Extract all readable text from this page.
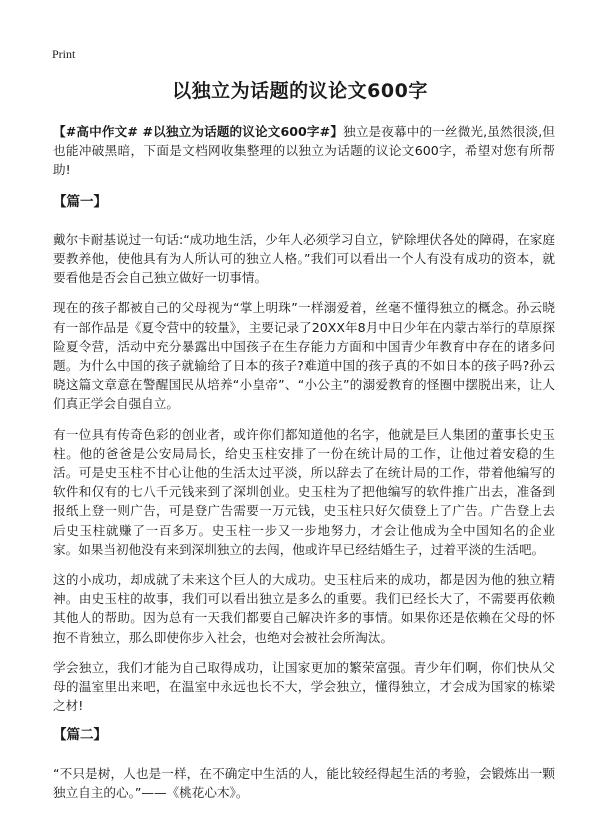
Print
以独立为话题的议论文600字

【#高中作文# #以独立为话题的议论文600字#】独立是夜幕中的一丝微光,虽然很淡,但也能冲破黑暗，下面是文档网收集整理的以独立为话题的议论文600字，希望对您有所帮助!

【篇一】

戴尔卡耐基说过一句话:“成功地生活，少年人必须学习自立，铲除埋伏各处的障碍，在家庭要教养他，使他具有为人所认可的独立人格。”我们可以看出一个人有没有成功的资本，就要看他是否会自己独立做好一切事情。

现在的孩子都被自己的父母视为“掌上明珠”一样溺爱着，丝毫不懂得独立的概念。孙云晓有一部作品是《夏令营中的较量》，主要记录了20XX年8月中日少年在内蒙古举行的草原探险夏令营，活动中充分暴露出中国孩子在生存能力方面和中国青少年教育中存在的诸多问题。为什么中国的孩子就输给了日本的孩子?难道中国的孩子真的不如日本的孩子吗?孙云晓这篇文章意在警醒国民从培养“小皇帝”、“小公主”的溺爱教育的怪圈中摆脱出来，让人们真正学会自强自立。

有一位具有传奇色彩的创业者，或许你们都知道他的名字，他就是巨人集团的董事长史玉柱。他的爸爸是公安局局长，给史玉柱安排了一份在统计局的工作，让他过着安稳的生活。可是史玉柱不甘心让他的生活太过平淡，所以辞去了在统计局的工作，带着他编写的软件和仅有的七八千元钱来到了深圳创业。史玉柱为了把他编写的软件推广出去，准备到报纸上登一则广告，可是登广告需要一万元钱，史玉柱只好欠债登上了广告。广告登上去后史玉柱就赚了一百多万。史玉柱一步又一步地努力，才会让他成为全中国知名的企业家。如果当初他没有来到深圳独立的去闯，他或许早已经结婚生子，过着平淡的生活吧。

这的小成功，却成就了未来这个巨人的大成功。史玉柱后来的成功，都是因为他的独立精神。由史玉柱的故事，我们可以看出独立是多么的重要。我们已经长大了，不需要再依赖其他人的帮助。因为总有一天我们都要自己解决许多的事情。如果你还是依赖在父母的怀抱不肯独立，那么即使你步入社会，也绝对会被社会所淘汰。

学会独立，我们才能为自己取得成功，让国家更加的繁荣富强。青少年们啊，你们快从父母的温室里出来吧，在温室中永远也长不大，学会独立，懂得独立，才会成为国家的栋梁之材!

【篇二】

“不只是树，人也是一样，在不确定中生活的人，能比较经得起生活的考验，会锻炼出一颗独立自主的心。”——《桃花心木》。
